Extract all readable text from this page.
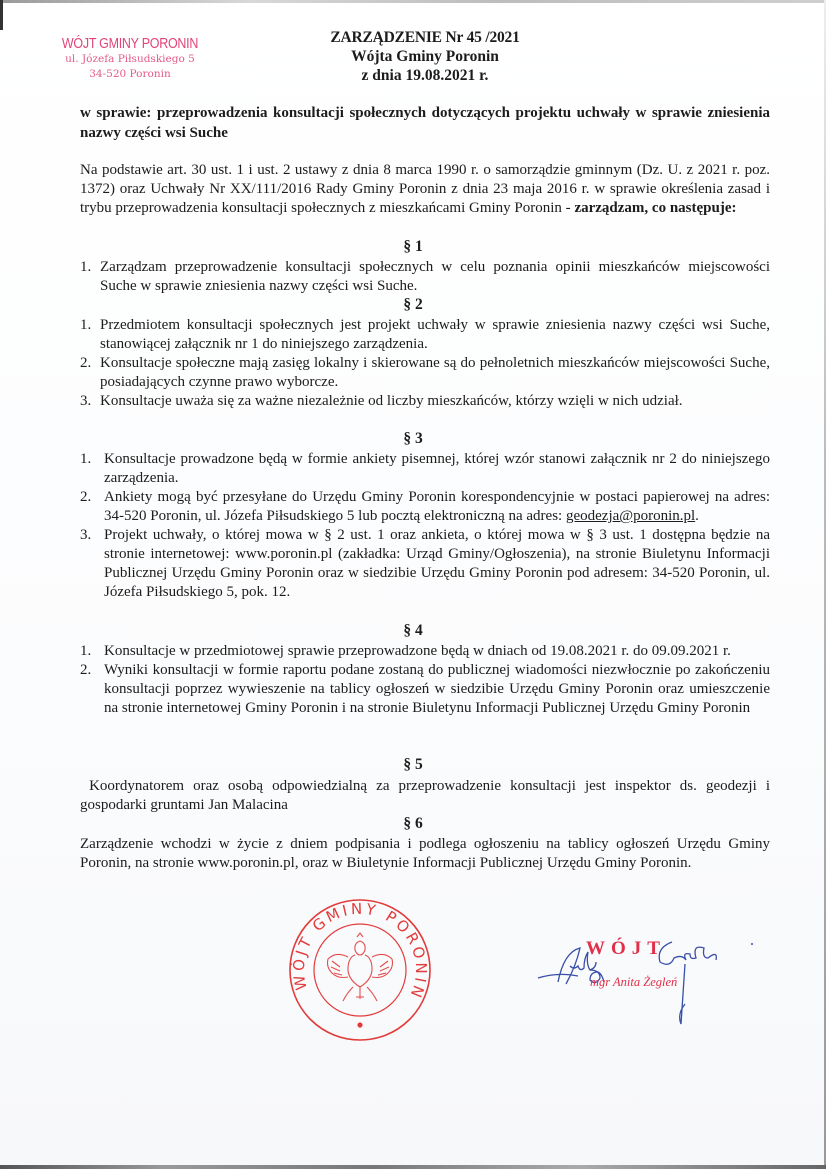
WÓJT GMINY PORONIN
ul. Józefa Piłsudskiego 5
34-520 Poronin
ZARZĄDZENIE Nr 45 /2021
Wójta Gminy Poronin
z dnia 19.08.2021 r.
w sprawie: przeprowadzenia konsultacji społecznych dotyczących projektu uchwały w sprawie zniesienia nazwy części wsi Suche
Na podstawie art. 30 ust. 1 i ust. 2 ustawy z dnia 8 marca 1990 r. o samorządzie gminnym (Dz. U. z 2021 r. poz. 1372) oraz Uchwały Nr XX/111/2016 Rady Gminy Poronin z dnia 23 maja 2016 r. w sprawie określenia zasad i trybu przeprowadzenia konsultacji społecznych z mieszkańcami Gminy Poronin - zarządzam, co następuje:
§ 1
1. Zarządzam przeprowadzenie konsultacji społecznych w celu poznania opinii mieszkańców miejscowości Suche w sprawie zniesienia nazwy części wsi Suche.
§ 2
1. Przedmiotem konsultacji społecznych jest projekt uchwały w sprawie zniesienia nazwy części wsi Suche, stanowiącej załącznik nr 1 do niniejszego zarządzenia.
2. Konsultacje społeczne mają zasięg lokalny i skierowane są do pełnoletnich mieszkańców miejscowości Suche, posiadających czynne prawo wyborcze.
3. Konsultacje uważa się za ważne niezależnie od liczby mieszkańców, którzy wzięli w nich udział.
§ 3
1. Konsultacje prowadzone będą w formie ankiety pisemnej, której wzór stanowi załącznik nr 2 do niniejszego zarządzenia.
2. Ankiety mogą być przesyłane do Urzędu Gminy Poronin korespondencyjnie w postaci papierowej na adres: 34-520 Poronin, ul. Józefa Piłsudskiego 5 lub pocztą elektroniczną na adres: geodezja@poronin.pl.
3. Projekt uchwały, o której mowa w § 2 ust. 1 oraz ankieta, o której mowa w § 3 ust. 1 dostępna będzie na stronie internetowej: www.poronin.pl (zakładka: Urząd Gminy/Ogłoszenia), na stronie Biuletynu Informacji Publicznej Urzędu Gminy Poronin oraz w siedzibie Urzędu Gminy Poronin pod adresem: 34-520 Poronin, ul. Józefa Piłsudskiego 5, pok. 12.
§ 4
1. Konsultacje w przedmiotowej sprawie przeprowadzone będą w dniach od 19.08.2021 r. do 09.09.2021 r.
2. Wyniki konsultacji w formie raportu podane zostaną do publicznej wiadomości niezwłocznie po zakończeniu konsultacji poprzez wywieszenie na tablicy ogłoszeń w siedzibie Urzędu Gminy Poronin oraz umieszczenie na stronie internetowej Gminy Poronin i na stronie Biuletynu Informacji Publicznej Urzędu Gminy Poronin
§ 5
Koordynatorem oraz osobą odpowiedzialną za przeprowadzenie konsultacji jest inspektor ds. geodezji i gospodarki gruntami Jan Malacina
§ 6
Zarządzenie wchodzi w życie z dniem podpisania i podlega ogłoszeniu na tablicy ogłoszeń Urzędu Gminy Poronin, na stronie www.poronin.pl, oraz w Biuletynie Informacji Publicznej Urzędu Gminy Poronin.
WÓJT GMINY PORONIN
WÓJT
mgr Anita Żegleń
